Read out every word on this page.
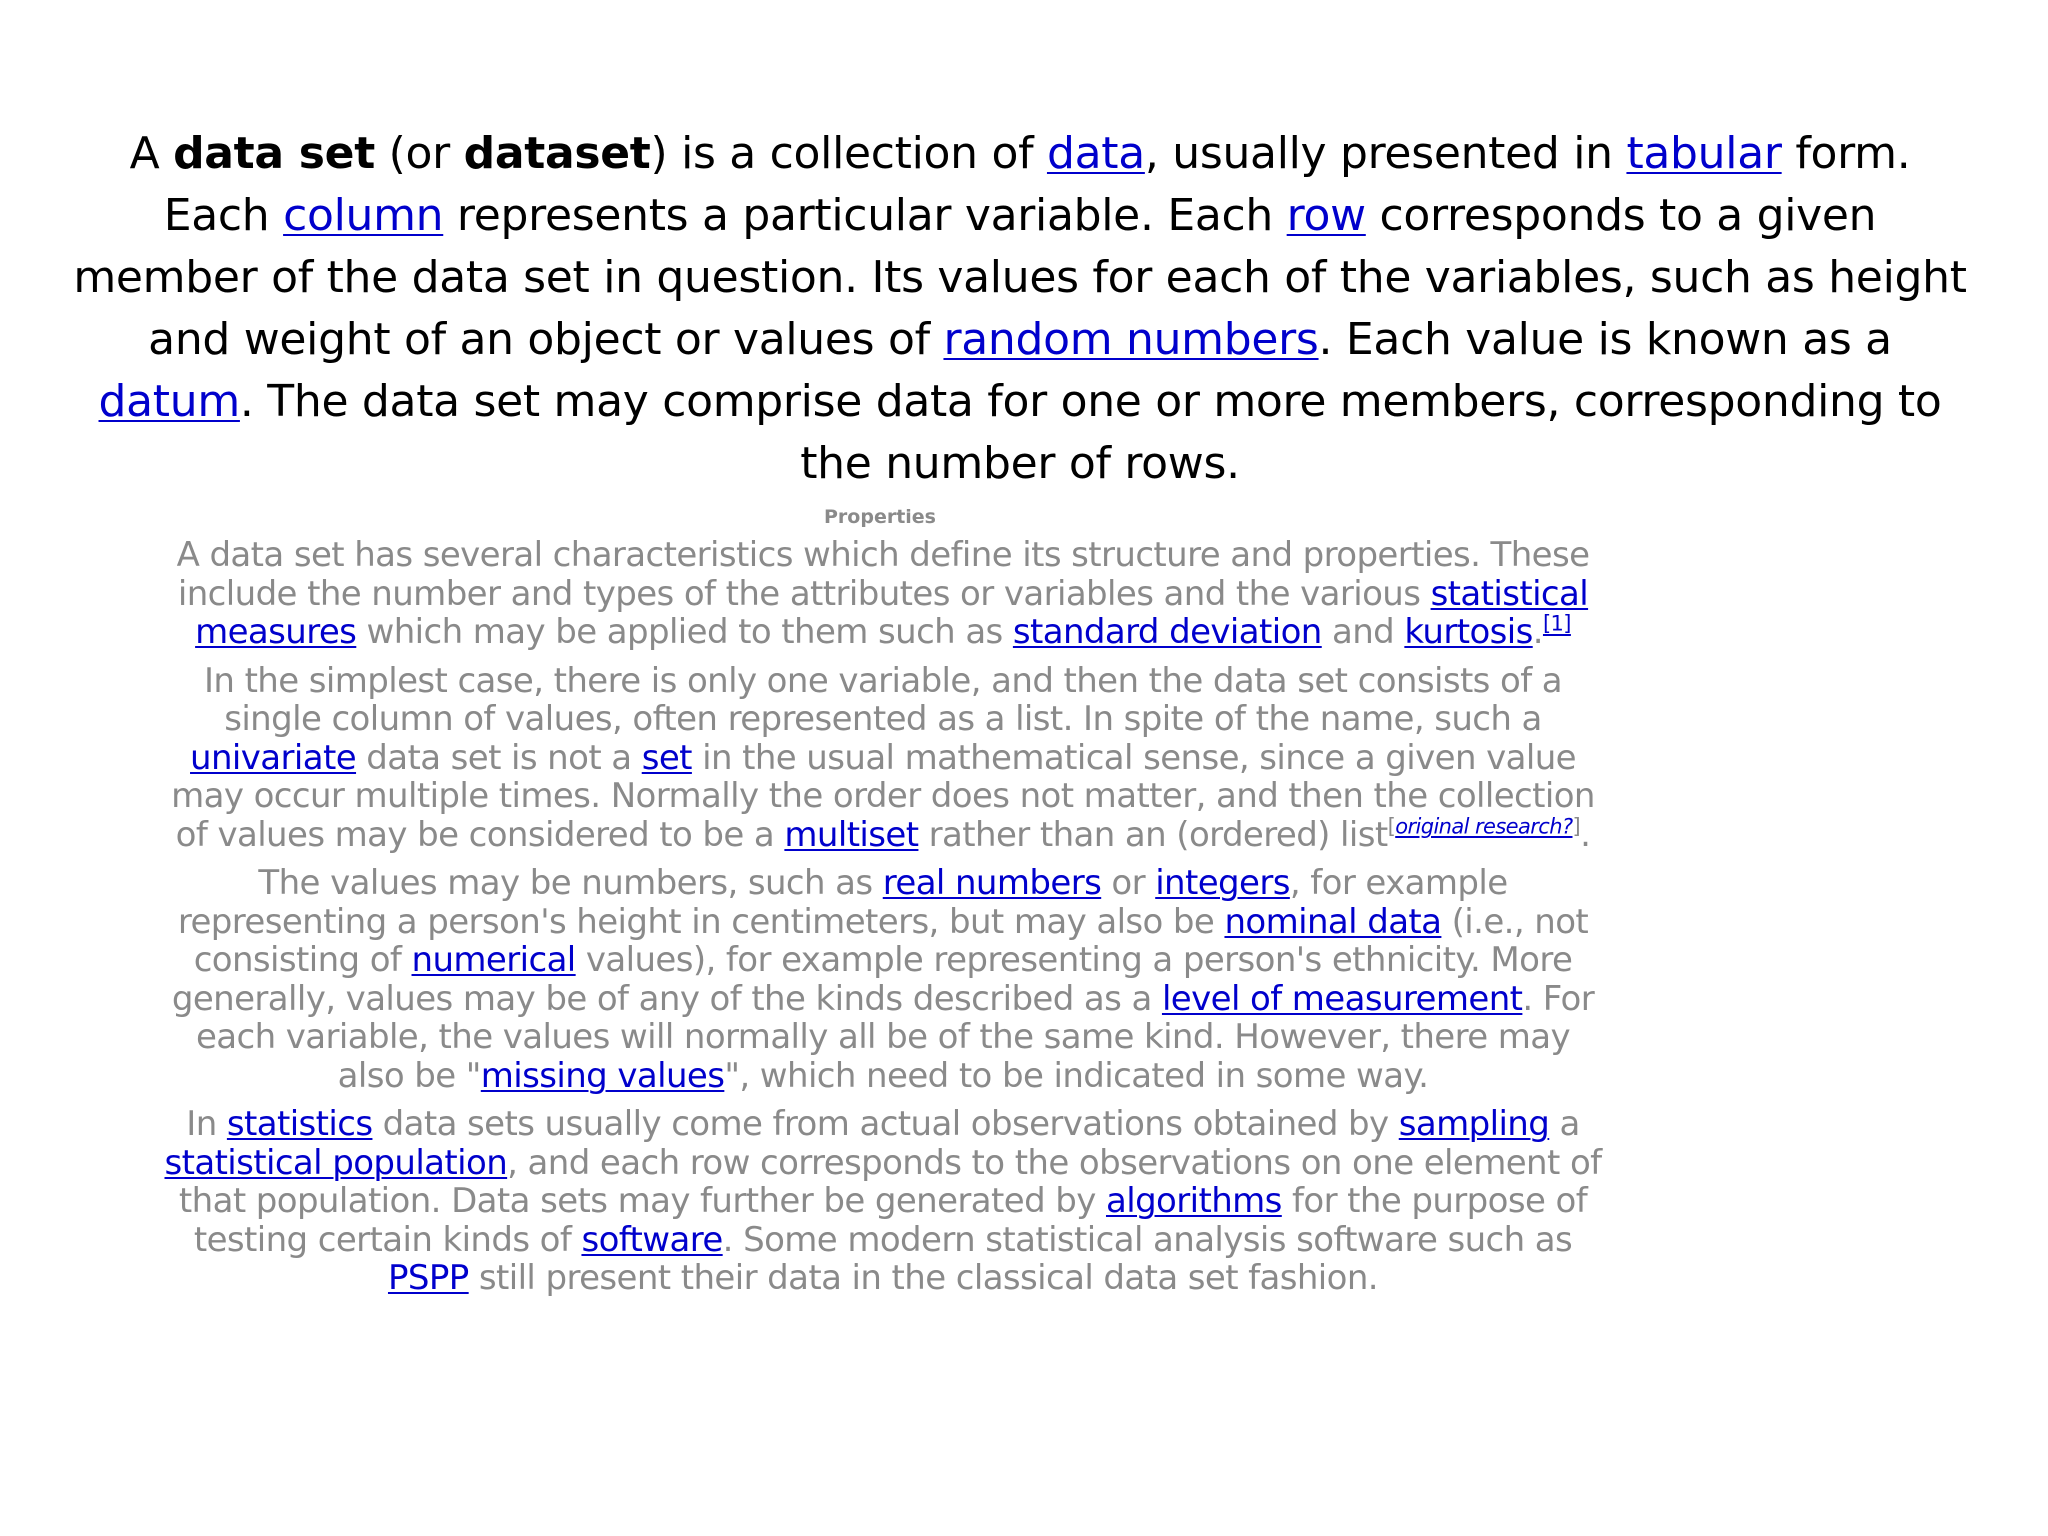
A data set (or dataset) is a collection of data, usually presented in tabular form. Each column represents a particular variable. Each row corresponds to a given member of the data set in question. Its values for each of the variables, such as height and weight of an object or values of random numbers. Each value is known as a datum. The data set may comprise data for one or more members, corresponding to the number of rows.
Properties

A data set has several characteristics which define its structure and properties. These include the number and types of the attributes or variables and the various statistical measures which may be applied to them such as standard deviation and kurtosis.[1]

In the simplest case, there is only one variable, and then the data set consists of a single column of values, often represented as a list. In spite of the name, such a univariate data set is not a set in the usual mathematical sense, since a given value may occur multiple times. Normally the order does not matter, and then the collection of values may be considered to be a multiset rather than an (ordered) list[original research?].

The values may be numbers, such as real numbers or integers, for example representing a person's height in centimeters, but may also be nominal data (i.e., not consisting of numerical values), for example representing a person's ethnicity. More generally, values may be of any of the kinds described as a level of measurement. For each variable, the values will normally all be of the same kind. However, there may also be "missing values", which need to be indicated in some way.

In statistics data sets usually come from actual observations obtained by sampling a statistical population, and each row corresponds to the observations on one element of that population. Data sets may further be generated by algorithms for the purpose of testing certain kinds of software. Some modern statistical analysis software such as PSPP still present their data in the classical data set fashion.
